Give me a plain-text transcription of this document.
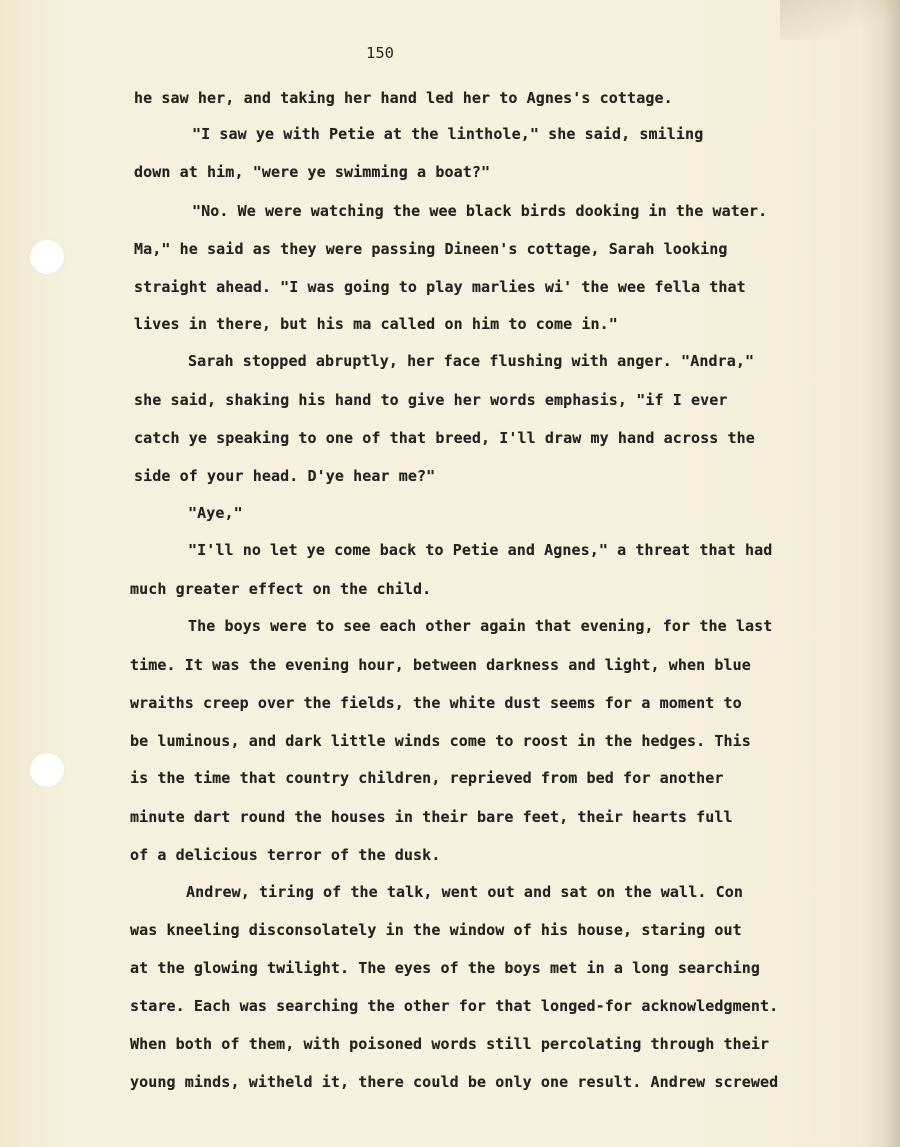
150
he saw her, and taking her hand led her to Agnes's cottage.
"I saw ye with Petie at the linthole," she said, smiling
down at him, "were ye swimming a boat?"
"No. We were watching the wee black birds dooking in the water.
Ma," he said as they were passing Dineen's cottage, Sarah looking
straight ahead. "I was going to play marlies wi' the wee fella that
lives in there, but his ma called on him to come in."
Sarah stopped abruptly, her face flushing with anger. "Andra,"
she said, shaking his hand to give her words emphasis, "if I ever
catch ye speaking to one of that breed, I'll draw my hand across the
side of your head. D'ye hear me?"
"Aye,"
"I'll no let ye come back to Petie and Agnes," a threat that had
much greater effect on the child.
The boys were to see each other again that evening, for the last
time. It was the evening hour, between darkness and light, when blue
wraiths creep over the fields, the white dust seems for a moment to
be luminous, and dark little winds come to roost in the hedges. This
is the time that country children, reprieved from bed for another
minute dart round the houses in their bare feet, their hearts full
of a delicious terror of the dusk.
Andrew, tiring of the talk, went out and sat on the wall. Con
was kneeling disconsolately in the window of his house, staring out
at the glowing twilight. The eyes of the boys met in a long searching
stare. Each was searching the other for that longed-for acknowledgment.
When both of them, with poisoned words still percolating through their
young minds, witheld it, there could be only one result. Andrew screwed
